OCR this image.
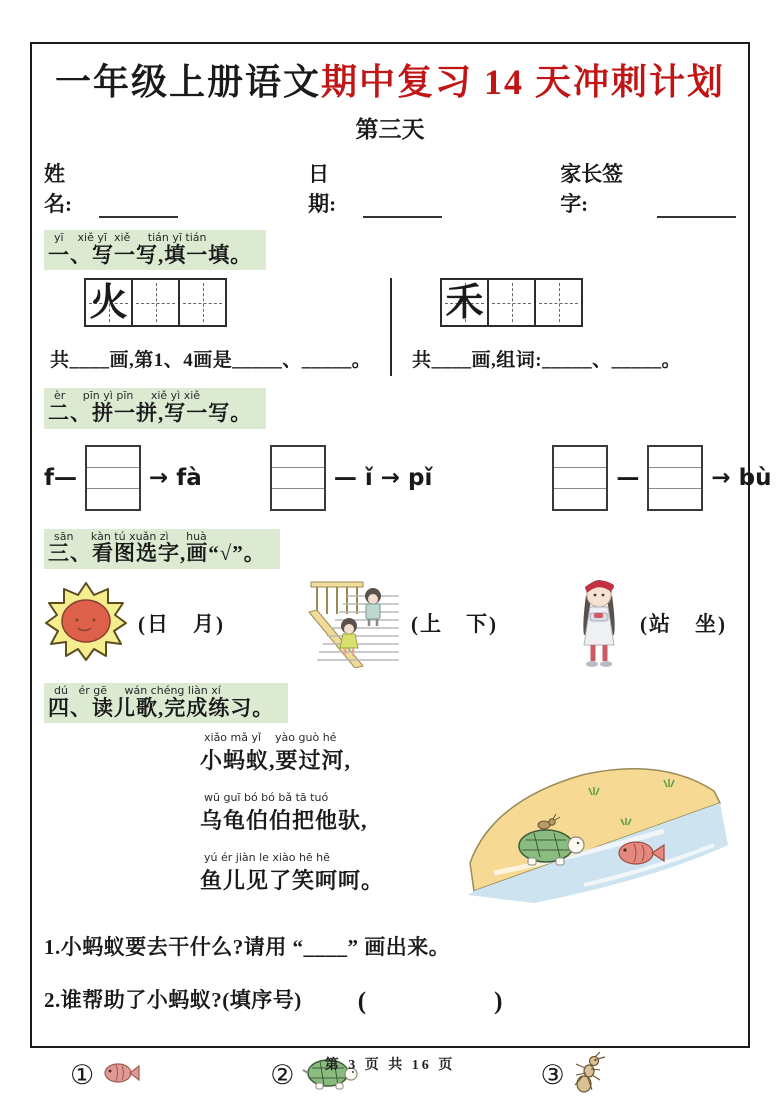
一年级上册语文期中复习 14 天冲刺计划
第三天
姓名:
日期:
家长签字:
yī    xiě yī  xiě     tián yī tián
一、写一写,填一填。
火
共____画,第1、4画是_____、_____。
禾
共____画,组词:_____、_____。
èr     pīn yì pīn     xiě yì xiě
二、拼一拼,写一写。
f—	→ fà	— ǐ → pǐ	—	→ bù
sān     kàn tú xuǎn zì     huà
三、看图选字,画“√”。
(日　月)	(上　下)	(站　坐)
dú   ér gē     wán chéng liàn xí
四、读儿歌,完成练习。
xiǎo mǎ yǐ    yào guò hé
小蚂蚁,要过河,
wū guī bó bó bǎ tā tuó
乌龟伯伯把他驮,
yú ér jiàn le xiào hē hē
鱼儿见了笑呵呵。
1.小蚂蚁要去干什么?请用 “____” 画出来。
2.谁帮助了小蚂蚁?(填序号) (　　　　　)
①	②	③
第 3 页 共 16 页
